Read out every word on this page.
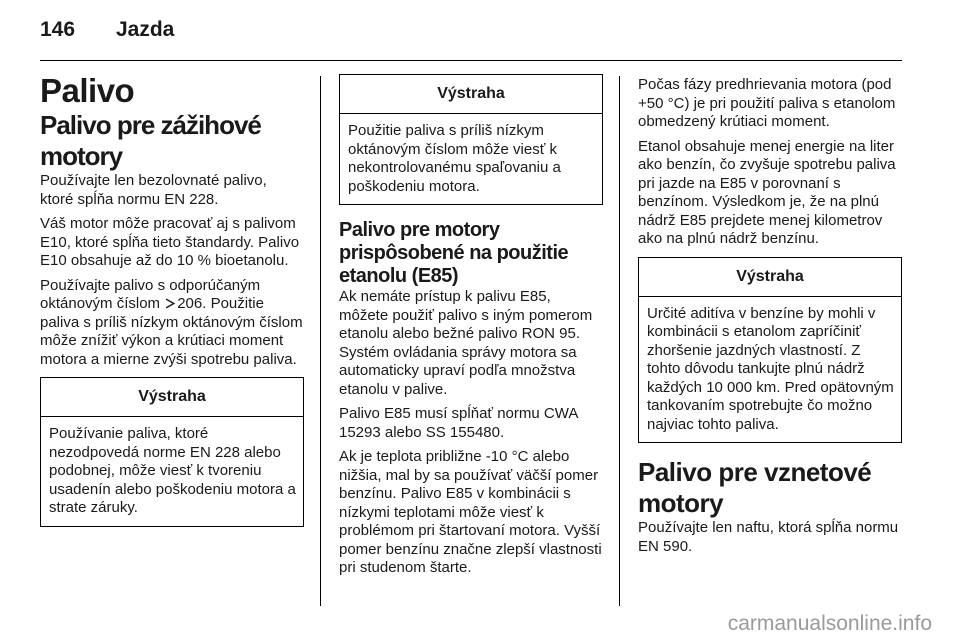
146 Jazda
Palivo
Palivo pre zážihové motory

Používajte len bezolovnaté palivo, ktoré spĺňa normu EN 228.

Váš motor môže pracovať aj s palivom E10, ktoré spĺňa tieto štandardy. Palivo E10 obsahuje až do 10 % bioetanolu.

Používajte palivo s odporúčaným oktánovým číslom 206. Použitie paliva s príliš nízkym oktánovým číslom môže znížiť výkon a krútiaci moment motora a mierne zvýši spotrebu paliva.

Výstraha
Používanie paliva, ktoré nezodpovedá norme EN 228 alebo podobnej, môže viesť k tvoreniu usadenín alebo poškodeniu motora a strate záruky.
Výstraha
Použitie paliva s príliš nízkym oktánovým číslom môže viesť k nekontrolovanému spaľovaniu a poškodeniu motora.
Palivo pre motory prispôsobené na použitie etanolu (E85)

Ak nemáte prístup k palivu E85, môžete použiť palivo s iným pomerom etanolu alebo bežné palivo RON 95. Systém ovládania správy motora sa automaticky upraví podľa množstva etanolu v palive.

Palivo E85 musí spĺňať normu CWA 15293 alebo SS 155480.

Ak je teplota približne -10 °C alebo nižšia, mal by sa používať väčší pomer benzínu. Palivo E85 v kombinácii s nízkymi teplotami môže viesť k problémom pri štartovaní motora. Vyšší pomer benzínu značne zlepší vlastnosti pri studenom štarte.

Počas fázy predhrievania motora (pod +50 °C) je pri použití paliva s etanolom obmedzený krútiaci moment.

Etanol obsahuje menej energie na liter ako benzín, čo zvyšuje spotrebu paliva pri jazde na E85 v porovnaní s benzínom. Výsledkom je, že na plnú nádrž E85 prejdete menej kilometrov ako na plnú nádrž benzínu.

Výstraha
Určité aditíva v benzíne by mohli v kombinácii s etanolom zapríčiniť zhoršenie jazdných vlastností. Z tohto dôvodu tankujte plnú nádrž každých 10 000 km. Pred opätovným tankovaním spotrebujte čo možno najviac tohto paliva.
Palivo pre vznetové motory

Používajte len naftu, ktorá spĺňa normu EN 590.

carmanualsonline.info
